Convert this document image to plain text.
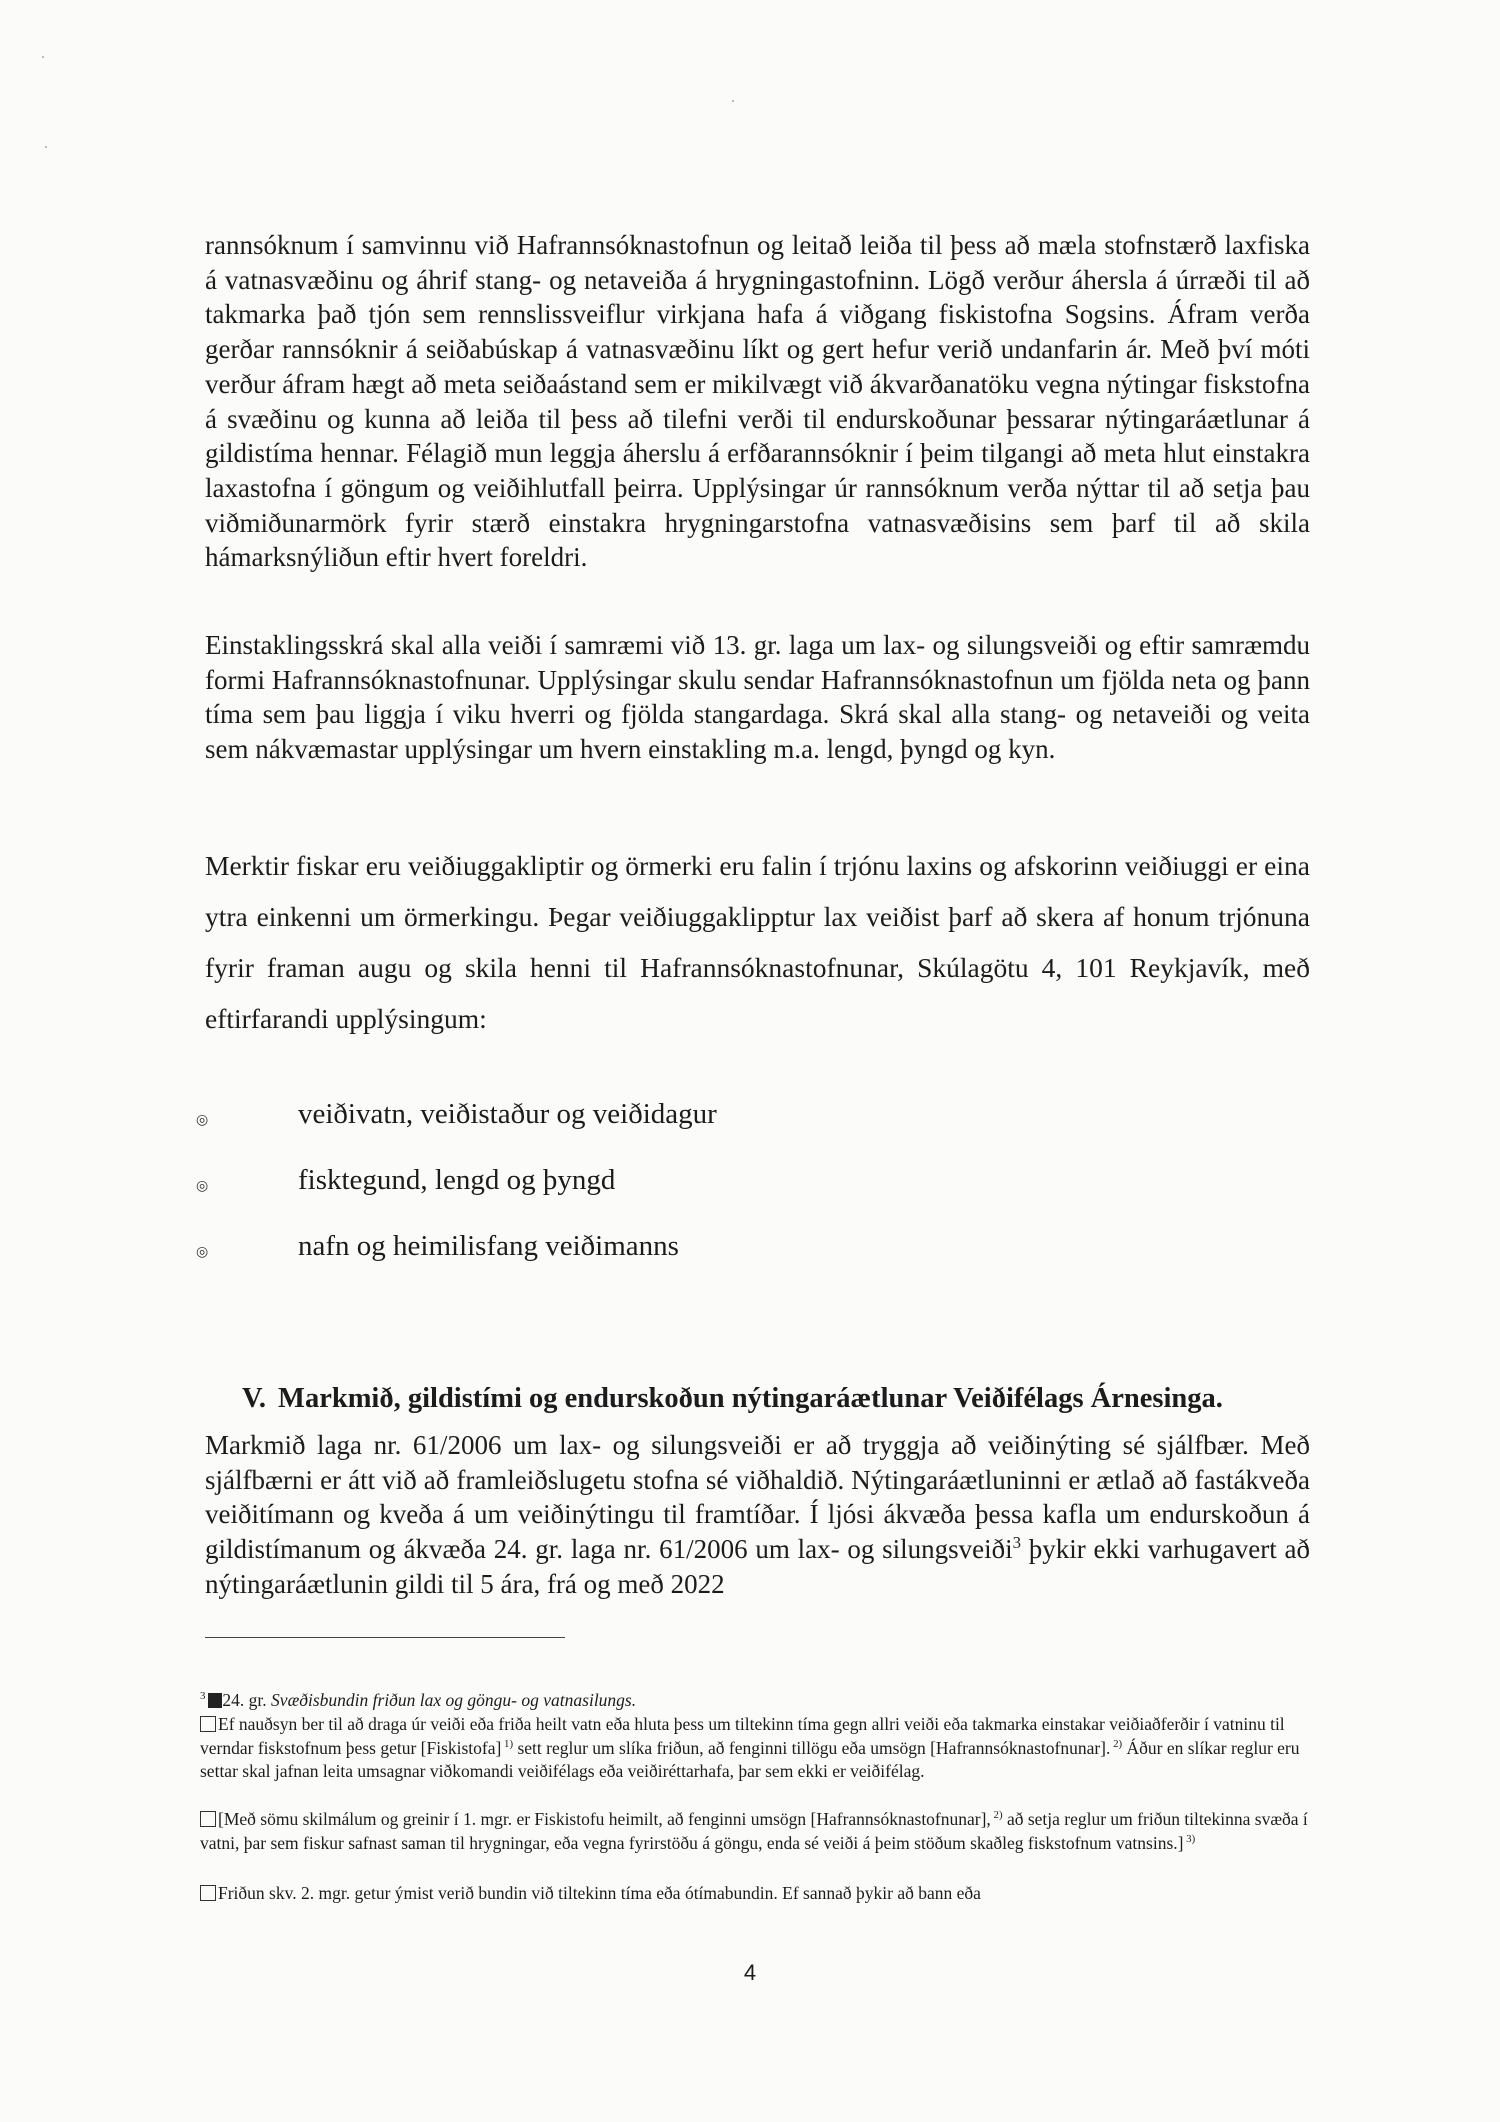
rannsóknum í samvinnu við Hafrannsóknastofnun og leitað leiða til þess að mæla stofnstærð laxfiska á vatnasvæðinu og áhrif stang- og netaveiða á hrygningastofninn. Lögð verður áhersla á úrræði til að takmarka það tjón sem rennslissveiflur virkjana hafa á viðgang fiskistofna Sogsins. Áfram verða gerðar rannsóknir á seiðabúskap á vatnasvæðinu líkt og gert hefur verið undanfarin ár. Með því móti verður áfram hægt að meta seiðaástand sem er mikilvægt við ákvarðanatöku vegna nýtingar fiskstofna á svæðinu og kunna að leiða til þess að tilefni verði til endurskoðunar þessarar nýtingaráætlunar á gildistíma hennar. Félagið mun leggja áherslu á erfðarannsóknir í þeim tilgangi að meta hlut einstakra laxastofna í göngum og veiðihlutfall þeirra. Upplýsingar úr rannsóknum verða nýttar til að setja þau viðmiðunarmörk fyrir stærð einstakra hrygningarstofna vatnasvæðisins sem þarf til að skila hámarksnýliðun eftir hvert foreldri.

Einstaklingsskrá skal alla veiði í samræmi við 13. gr. laga um lax- og silungsveiði og eftir samræmdu formi Hafrannsóknastofnunar. Upplýsingar skulu sendar Hafrannsóknastofnun um fjölda neta og þann tíma sem þau liggja í viku hverri og fjölda stangardaga. Skrá skal alla stang- og netaveiði og veita sem nákvæmastar upplýsingar um hvern einstakling m.a. lengd, þyngd og kyn.

Merktir fiskar eru veiðiuggakliptir og örmerki eru falin í trjónu laxins og afskorinn veiðiuggi er eina ytra einkenni um örmerkingu. Þegar veiðiuggaklipptur lax veiðist þarf að skera af honum trjónuna fyrir framan augu og skila henni til Hafrannsóknastofnunar, Skúlagötu 4, 101 Reykjavík, með eftirfarandi upplýsingum:

◎	veiðivatn, veiðistaður og veiðidagur
◎	fisktegund, lengd og þyngd
◎	nafn og heimilisfang veiðimanns
V. Markmið, gildistími og endurskoðun nýtingaráætlunar Veiðifélags Árnesinga.

Markmið laga nr. 61/2006 um lax- og silungsveiði er að tryggja að veiðinýting sé sjálfbær. Með sjálfbærni er átt við að framleiðslugetu stofna sé viðhaldið. Nýtingaráætluninni er ætlað að fastákveða veiðitímann og kveða á um veiðinýtingu til framtíðar. Í ljósi ákvæða þessa kafla um endurskoðun á gildistímanum og ákvæða 24. gr. laga nr. 61/2006 um lax- og silungsveiði$^3$ þykir ekki varhugavert að nýtingaráætlunin gildi til 5 ára, frá og með 2022

$^3$ 24. gr. Svæðisbundin friðun lax og göngu- og vatnasilungs.

Ef nauðsyn ber til að draga úr veiði eða friða heilt vatn eða hluta þess um tiltekinn tíma gegn allri veiði eða takmarka einstakar veiðiaðferðir í vatninu til verndar fiskstofnum þess getur [Fiskistofa] $^{1)}$ sett reglur um slíka friðun, að fenginni tillögu eða umsögn [Hafrannsóknastofnunar]. $^{2)}$ Áður en slíkar reglur eru settar skal jafnan leita umsagnar viðkomandi veiðifélags eða veiðiréttarhafa, þar sem ekki er veiðifélag.

[Með sömu skilmálum og greinir í 1. mgr. er Fiskistofu heimilt, að fenginni umsögn [Hafrannsóknastofnunar], $^{2)}$ að setja reglur um friðun tiltekinna svæða í vatni, þar sem fiskur safnast saman til hrygningar, eða vegna fyrirstöðu á göngu, enda sé veiði á þeim stöðum skaðleg fiskstofnum vatnsins.] $^{3)}$

Friðun skv. 2. mgr. getur ýmist verið bundin við tiltekinn tíma eða ótímabundin. Ef sannað þykir að bann eða

4
